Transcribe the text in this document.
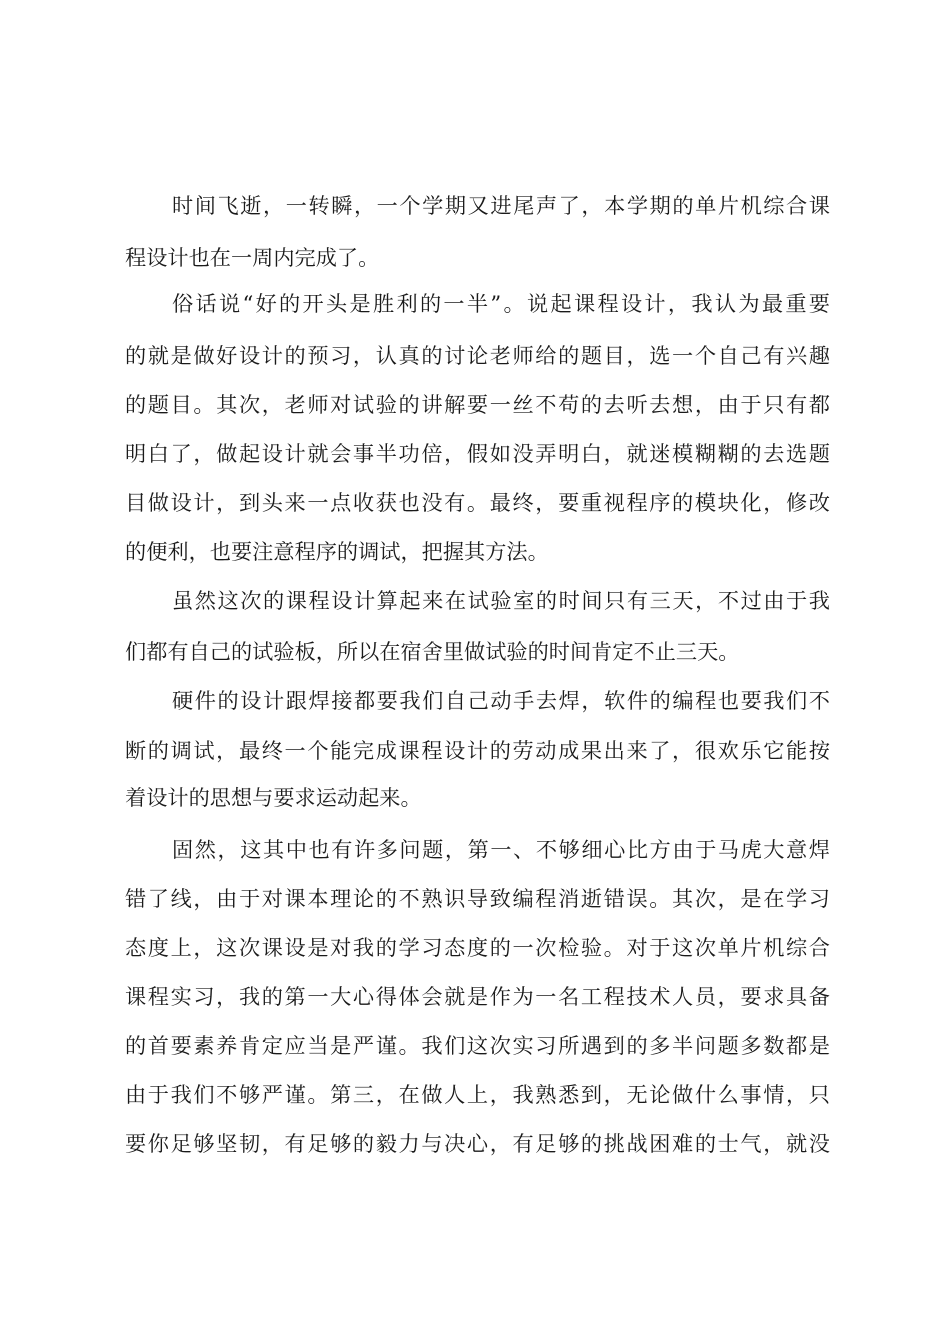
时间飞逝，一转瞬，一个学期又进尾声了，本学期的单片机综合课
程设计也在一周内完成了。
俗话说“好的开头是胜利的一半”。说起课程设计，我认为最重要
的就是做好设计的预习，认真的讨论老师给的题目，选一个自己有兴趣
的题目。其次，老师对试验的讲解要一丝不苟的去听去想，由于只有都
明白了，做起设计就会事半功倍，假如没弄明白，就迷模糊糊的去选题
目做设计，到头来一点收获也没有。最终，要重视程序的模块化，修改
的便利，也要注意程序的调试，把握其方法。
虽然这次的课程设计算起来在试验室的时间只有三天，不过由于我
们都有自己的试验板，所以在宿舍里做试验的时间肯定不止三天。
硬件的设计跟焊接都要我们自己动手去焊，软件的编程也要我们不
断的调试，最终一个能完成课程设计的劳动成果出来了，很欢乐它能按
着设计的思想与要求运动起来。
固然，这其中也有许多问题，第一、不够细心比方由于马虎大意焊
错了线，由于对课本理论的不熟识导致编程消逝错误。其次，是在学习
态度上，这次课设是对我的学习态度的一次检验。对于这次单片机综合
课程实习，我的第一大心得体会就是作为一名工程技术人员，要求具备
的首要素养肯定应当是严谨。我们这次实习所遇到的多半问题多数都是
由于我们不够严谨。第三，在做人上，我熟悉到，无论做什么事情，只
要你足够坚韧，有足够的毅力与决心，有足够的挑战困难的士气，就没
